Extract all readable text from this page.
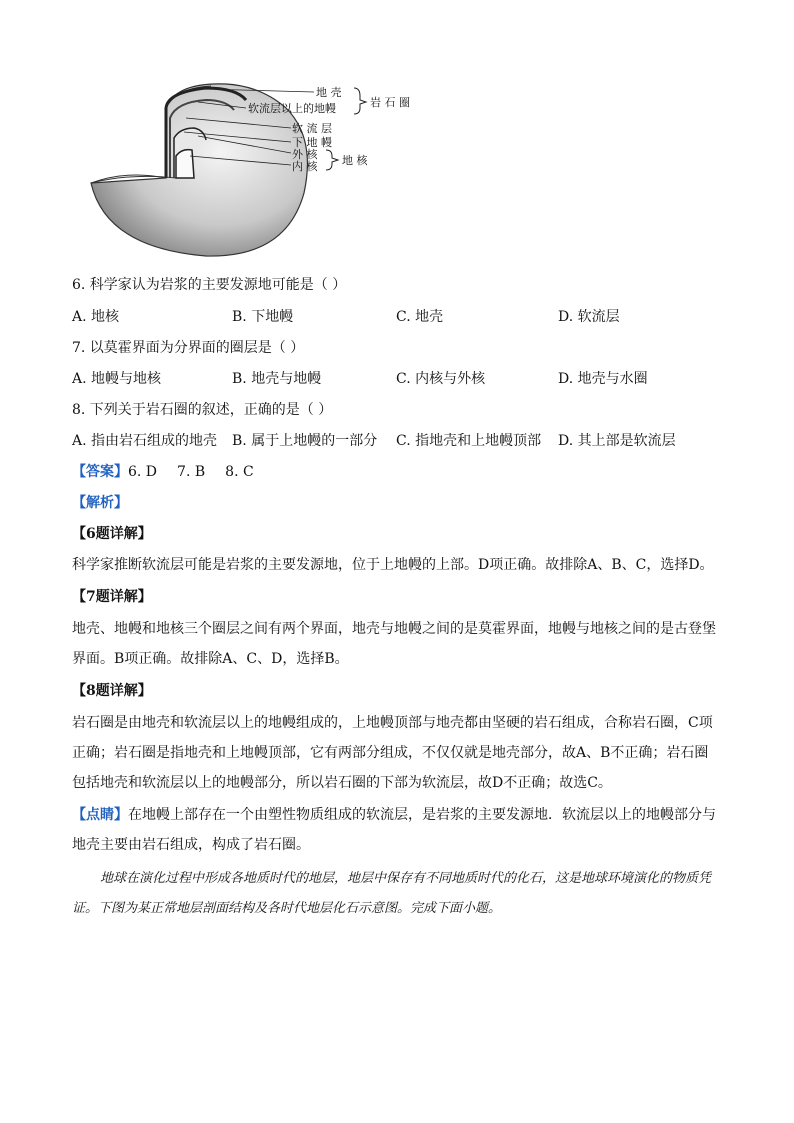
地 壳
软流层以上的地幔	岩 石 圈
软 流 层
下 地 幔
外 核
内 核 地 核
6. 科学家认为岩浆的主要发源地可能是（ ）
A. 地核	B. 下地幔	C. 地壳	D. 软流层
7. 以莫霍界面为分界面的圈层是（ ）
A. 地幔与地核	B. 地壳与地幔	C. 内核与外核	D. 地壳与水圈
8. 下列关于岩石圈的叙述，正确的是（ ）
A. 指由岩石组成的地壳 B. 属于上地幔的一部分 C. 指地壳和上地幔顶部 D. 其上部是软流层
【答案】6. D 7. B 8. C
【解析】
【6题详解】
科学家推断软流层可能是岩浆的主要发源地，位于上地幔的上部。D项正确。故排除A、B、C，选择D。
【7题详解】
地壳、地幔和地核三个圈层之间有两个界面，地壳与地幔之间的是莫霍界面，地幔与地核之间的是古登堡界面。B项正确。故排除A、C、D，选择B。
【8题详解】
岩石圈是由地壳和软流层以上的地幔组成的，上地幔顶部与地壳都由坚硬的岩石组成，合称岩石圈，C项正确；岩石圈是指地壳和上地幔顶部，它有两部分组成，不仅仅就是地壳部分，故A、B不正确；岩石圈包括地壳和软流层以上的地幔部分，所以岩石圈的下部为软流层，故D不正确；故选C。
【点睛】在地幔上部存在一个由塑性物质组成的软流层，是岩浆的主要发源地．软流层以上的地幔部分与地壳主要由岩石组成，构成了岩石圈。
地球在演化过程中形成各地质时代的地层，地层中保存有不同地质时代的化石，这是地球环境演化的物质凭证。下图为某正常地层剖面结构及各时代地层化石示意图。完成下面小题。
